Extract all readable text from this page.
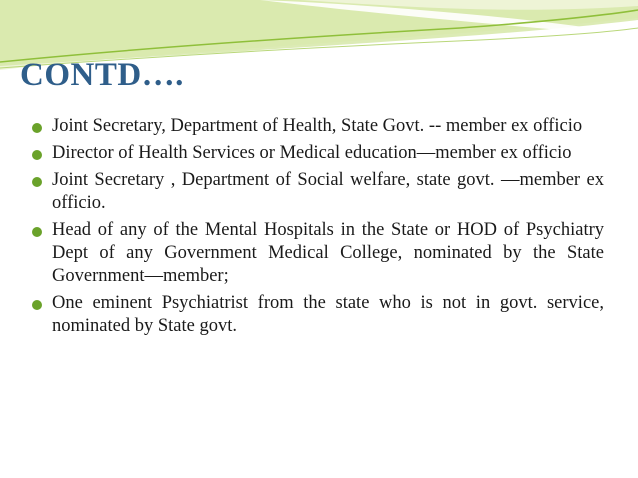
CONTD….
Joint Secretary, Department of Health, State Govt. -- member ex officio
Director of Health Services or Medical education—member ex officio
Joint Secretary , Department of Social welfare, state govt. —member ex officio.
Head of any of the Mental Hospitals in the State or HOD of Psychiatry Dept of any Government Medical College, nominated by the State Government—member;
One eminent Psychiatrist from the state who is not in govt. service, nominated by State govt.
